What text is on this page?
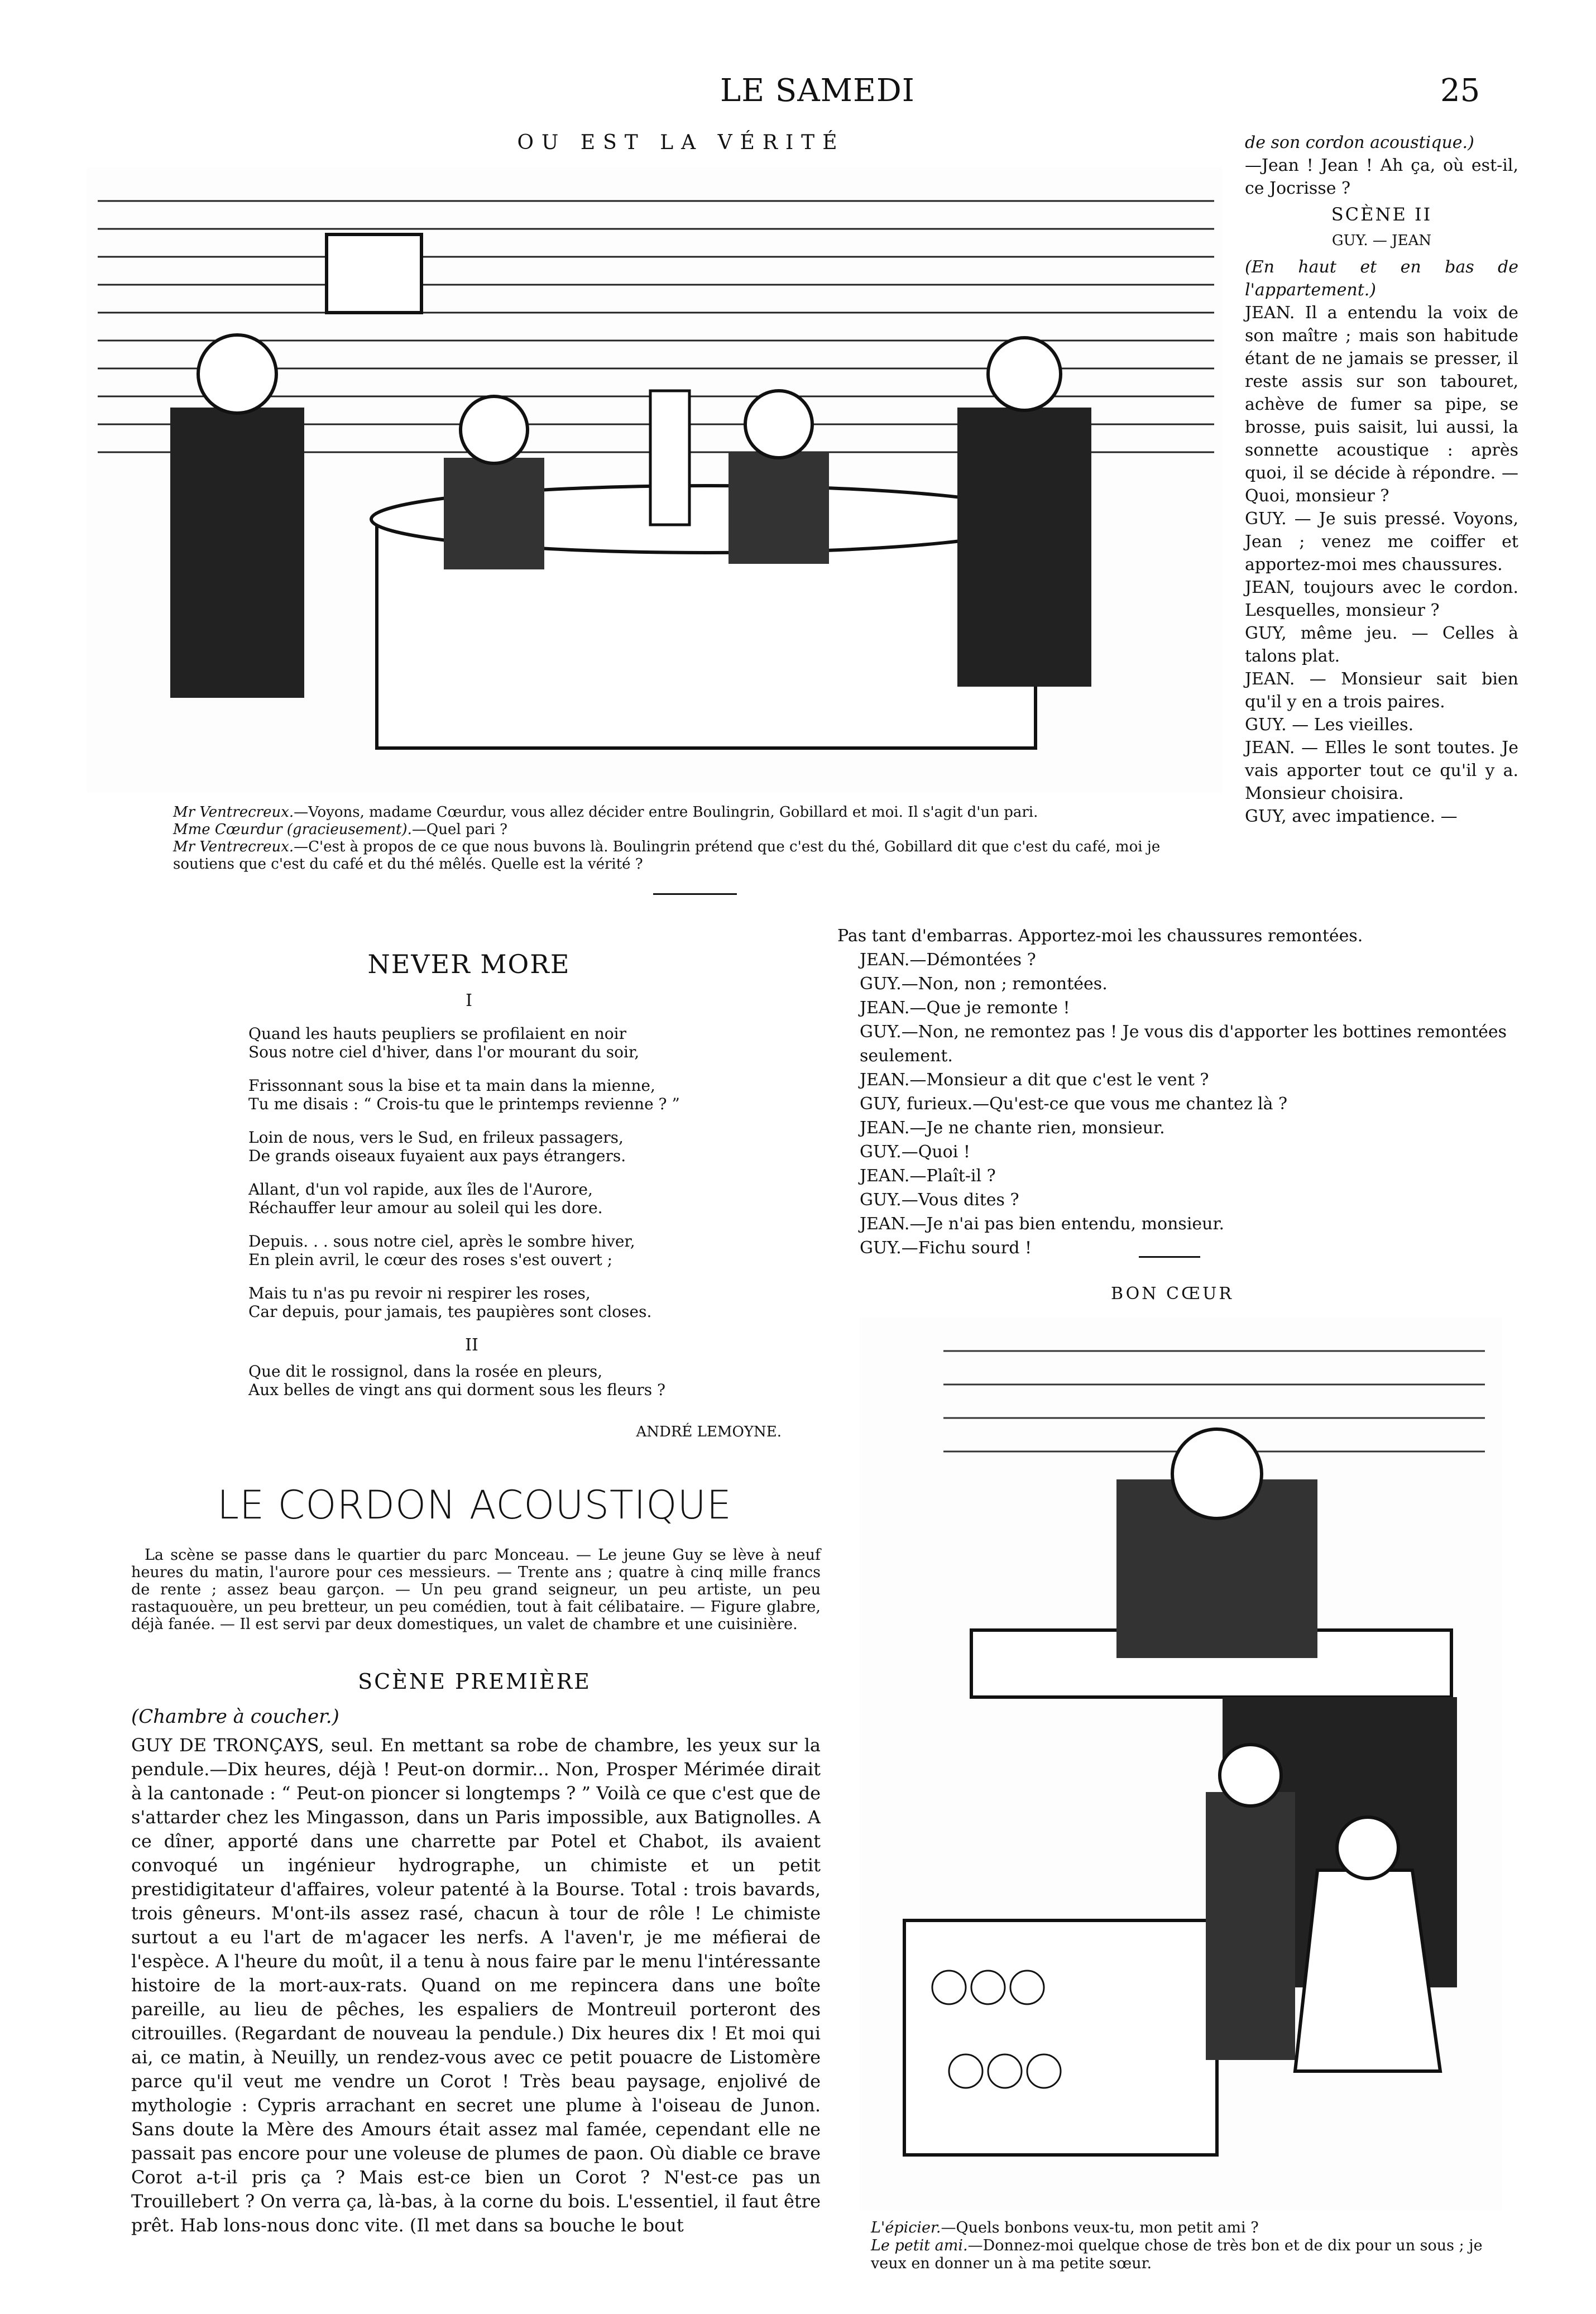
LE SAMEDI	25
OU EST LA VÉRITÉ

Mr Ventrecreux.—Voyons, madame Cœurdur, vous allez décider entre Boulingrin, Gobillard et moi. Il s'agit d'un pari.

Mme Cœurdur (gracieusement).—Quel pari ?

Mr Ventrecreux.—C'est à propos de ce que nous buvons là. Boulingrin prétend que c'est du thé, Gobillard dit que c'est du café, moi je soutiens que c'est du café et du thé mêlés. Quelle est la vérité ?

de son cordon acoustique.)

—Jean ! Jean ! Ah ça, où est-il, ce Jocrisse ?

SCÈNE II
GUY. — JEAN

(En haut et en bas de l'appartement.)

JEAN. Il a entendu la voix de son maître ; mais son habitude étant de ne jamais se presser, il reste assis sur son tabouret, achève de fumer sa pipe, se brosse, puis saisit, lui aussi, la sonnette acoustique : après quoi, il se décide à répondre. — Quoi, monsieur ?

GUY. — Je suis pressé. Voyons, Jean ; venez me coiffer et apportez-moi mes chaussures.

JEAN, toujours avec le cordon. Lesquelles, monsieur ?

GUY, même jeu. — Celles à talons plat.

JEAN. — Monsieur sait bien qu'il y en a trois paires.

GUY. — Les vieilles.

JEAN. — Elles le sont toutes. Je vais apporter tout ce qu'il y a. Monsieur choisira.

GUY, avec impatience. —

Pas tant d'embarras. Apportez-moi les chaussures remontées.

JEAN.—Démontées ?

GUY.—Non, non ; remontées.

JEAN.—Que je remonte !

GUY.—Non, ne remontez pas ! Je vous dis d'apporter les bottines remontées seulement.

JEAN.—Monsieur a dit que c'est le vent ?

GUY, furieux.—Qu'est-ce que vous me chantez là ?

JEAN.—Je ne chante rien, monsieur.

GUY.—Quoi !

JEAN.—Plaît-il ?

GUY.—Vous dites ?

JEAN.—Je n'ai pas bien entendu, monsieur.

GUY.—Fichu sourd !

BON CŒUR

L'épicier.—Quels bonbons veux-tu, mon petit ami ?

Le petit ami.—Donnez-moi quelque chose de très bon et de dix pour un sous ; je veux en donner un à ma petite sœur.

NEVER MORE
I

Quand les hauts peupliers se profilaient en noir

Sous notre ciel d'hiver, dans l'or mourant du soir,

Frissonnant sous la bise et ta main dans la mienne,

Tu me disais : “ Crois-tu que le printemps revienne ? ”

Loin de nous, vers le Sud, en frileux passagers,

De grands oiseaux fuyaient aux pays étrangers.

Allant, d'un vol rapide, aux îles de l'Aurore,

Réchauffer leur amour au soleil qui les dore.

Depuis. . . sous notre ciel, après le sombre hiver,

En plein avril, le cœur des roses s'est ouvert ;

Mais tu n'as pu revoir ni respirer les roses,

Car depuis, pour jamais, tes paupières sont closes.

II

Que dit le rossignol, dans la rosée en pleurs,

Aux belles de vingt ans qui dorment sous les fleurs ?

ANDRÉ LEMOYNE.
LE CORDON ACOUSTIQUE
La scène se passe dans le quartier du parc Monceau. — Le jeune Guy se lève à neuf heures du matin, l'aurore pour ces messieurs. — Trente ans ; quatre à cinq mille francs de rente ; assez beau garçon. — Un peu grand seigneur, un peu artiste, un peu rastaquouère, un peu bretteur, un peu comédien, tout à fait célibataire. — Figure glabre, déjà fanée. — Il est servi par deux domestiques, un valet de chambre et une cuisinière.
SCÈNE PREMIÈRE
(Chambre à coucher.)
GUY DE TRONÇAYS, seul. En mettant sa robe de chambre, les yeux sur la pendule.—Dix heures, déjà ! Peut-on dormir... Non, Prosper Mérimée dirait à la cantonade : “ Peut-on pioncer si longtemps ? ” Voilà ce que c'est que de s'attarder chez les Mingasson, dans un Paris impossible, aux Batignolles. A ce dîner, apporté dans une charrette par Potel et Chabot, ils avaient convoqué un ingénieur hydrographe, un chimiste et un petit prestidigitateur d'affaires, voleur patenté à la Bourse. Total : trois bavards, trois gêneurs. M'ont-ils assez rasé, chacun à tour de rôle ! Le chimiste surtout a eu l'art de m'agacer les nerfs. A l'aven'r, je me méfierai de l'espèce. A l'heure du moût, il a tenu à nous faire par le menu l'intéressante histoire de la mort-aux-rats. Quand on me repincera dans une boîte pareille, au lieu de pêches, les espaliers de Montreuil porteront des citrouilles. (Regardant de nouveau la pendule.) Dix heures dix ! Et moi qui ai, ce matin, à Neuilly, un rendez-vous avec ce petit pouacre de Listomère parce qu'il veut me vendre un Corot ! Très beau paysage, enjolivé de mythologie : Cypris arrachant en secret une plume à l'oiseau de Junon. Sans doute la Mère des Amours était assez mal famée, cependant elle ne passait pas encore pour une voleuse de plumes de paon. Où diable ce brave Corot a-t-il pris ça ? Mais est-ce bien un Corot ? N'est-ce pas un Trouillebert ? On verra ça, là-bas, à la corne du bois. L'essentiel, il faut être prêt. Hab lons-nous donc vite. (Il met dans sa bouche le bout
